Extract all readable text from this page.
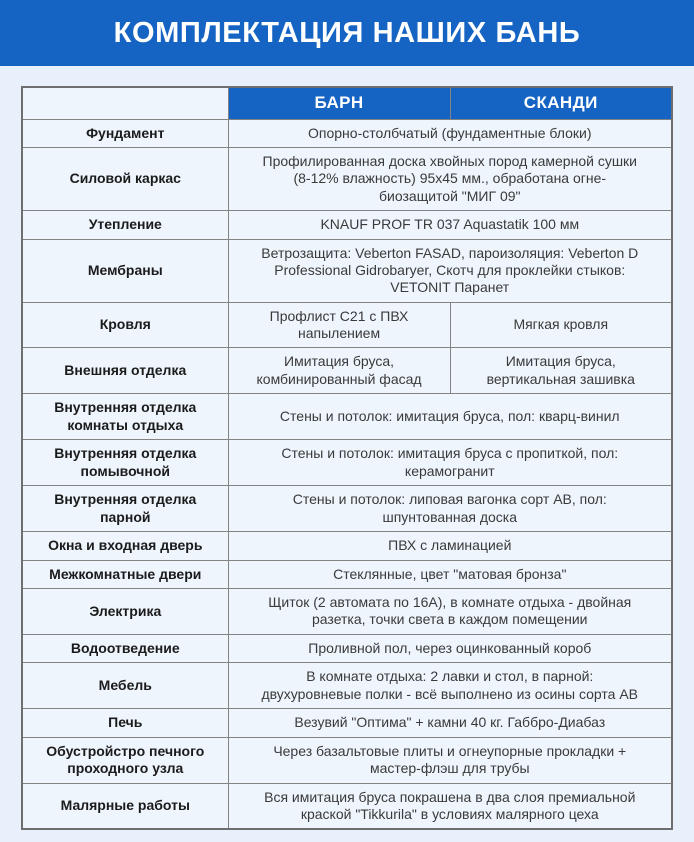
КОМПЛЕКТАЦИЯ НАШИХ БАНЬ
	БАРН	СКАНДИ
Фундамент	Опорно-столбчатый (фундаментные блоки)	

Силовой каркас	Профилированная доска хвойных пород камерной сушки (8-12% влажность) 95х45 мм., обработана огне-биозащитой "МИГ 09"	

Утепление	KNAUF PROF TR 037 Aquastatik 100 мм	

Мембраны	Ветрозащита: Veberton FASAD, пароизоляция: Veberton D Professional Gidrobaryer, Скотч для проклейки стыков: VETONIT Паранет	

Кровля	Профлист С21 с ПВХ напылением	Мягкая кровля

Внешняя отделка	Имитация бруса, комбинированный фасад	Имитация бруса, вертикальная зашивка

Внутренняя отделка комнаты отдыха	Стены и потолок: имитация бруса, пол: кварц-винил	

Внутренняя отделка помывочной	Стены и потолок: имитация бруса с пропиткой, пол: керамогранит	

Внутренняя отделка парной	Стены и потолок: липовая вагонка сорт АВ, пол: шпунтованная доска	

Окна и входная дверь	ПВХ с ламинацией	

Межкомнатные двери	Стеклянные, цвет "матовая бронза"	

Электрика	Щиток (2 автомата по 16А), в комнате отдыха - двойная разетка, точки света в каждом помещении	

Водоотведение	Проливной пол, через оцинкованный короб	

Мебель	В комнате отдыха: 2 лавки и стол, в парной: двухуровневые полки - всё выполнено из осины сорта АВ	

Печь	Везувий "Оптима" + камни 40 кг. Габбро-Диабаз	

Обустройстро печного проходного узла	Через базальтовые плиты и огнеупорные прокладки + мастер-флэш для трубы	

Малярные работы	Вся имитация бруса покрашена в два слоя премиальной краской "Tikkurila" в условиях малярного цеха	
